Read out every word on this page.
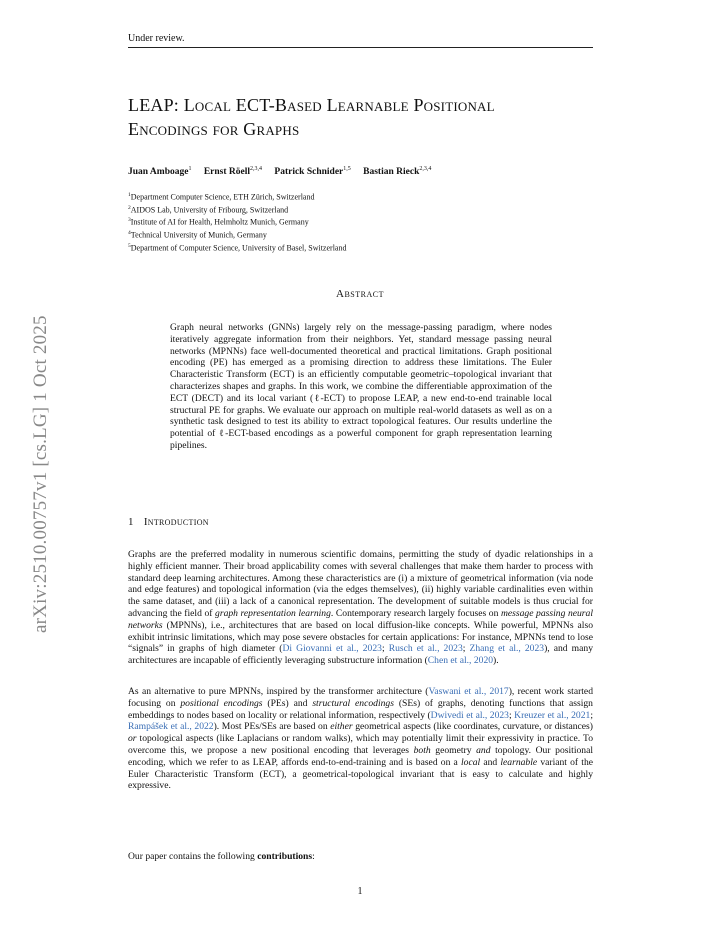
Under review.
arXiv:2510.00757v1 [cs.LG] 1 Oct 2025
LEAP: Local ECT-Based Learnable Positional
Encodings for Graphs
Juan Amboage$^1$ Ernst Röell$^{2,3,4}$ Patrick Schnider$^{1,5}$ Bastian Rieck$^{2,3,4}$
$^1$Department Computer Science, ETH Zürich, Switzerland
$^2$AIDOS Lab, University of Fribourg, Switzerland
$^3$Institute of AI for Health, Helmholtz Munich, Germany
$^4$Technical University of Munich, Germany
$^5$Department of Computer Science, University of Basel, Switzerland
Abstract

Graph neural networks (GNNs) largely rely on the message-passing paradigm, where nodes iteratively aggregate information from their neighbors. Yet, standard message passing neural networks (MPNNs) face well-documented theoretical and practical limitations. Graph positional encoding (PE) has emerged as a promising direction to address these limitations. The Euler Characteristic Transform (ECT) is an efficiently computable geometric–topological invariant that characterizes shapes and graphs. In this work, we combine the differentiable approximation of the ECT (DECT) and its local variant (ℓ-ECT) to propose LEAP, a new end-to-end trainable local structural PE for graphs. We evaluate our approach on multiple real-world datasets as well as on a synthetic task designed to test its ability to extract topological features. Our results underline the potential of ℓ-ECT-based encodings as a powerful component for graph representation learning pipelines.

1 Introduction

Graphs are the preferred modality in numerous scientific domains, permitting the study of dyadic relationships in a highly efficient manner. Their broad applicability comes with several challenges that make them harder to process with standard deep learning architectures. Among these characteristics are (i) a mixture of geometrical information (via node and edge features) and topological information (via the edges themselves), (ii) highly variable cardinalities even within the same dataset, and (iii) a lack of a canonical representation. The development of suitable models is thus crucial for advancing the field of graph representation learning. Contemporary research largely focuses on message passing neural networks (MPNNs), i.e., architectures that are based on local diffusion-like concepts. While powerful, MPNNs also exhibit intrinsic limitations, which may pose severe obstacles for certain applications: For instance, MPNNs tend to lose “signals” in graphs of high diameter (Di Giovanni et al., 2023; Rusch et al., 2023; Zhang et al., 2023), and many architectures are incapable of efficiently leveraging substructure information (Chen et al., 2020).

As an alternative to pure MPNNs, inspired by the transformer architecture (Vaswani et al., 2017), recent work started focusing on positional encodings (PEs) and structural encodings (SEs) of graphs, denoting functions that assign embeddings to nodes based on locality or relational information, respectively (Dwivedi et al., 2023; Kreuzer et al., 2021; Rampášek et al., 2022). Most PEs/SEs are based on either geometrical aspects (like coordinates, curvature, or distances) or topological aspects (like Laplacians or random walks), which may potentially limit their expressivity in practice. To overcome this, we propose a new positional encoding that leverages both geometry and topology. Our positional encoding, which we refer to as LEAP, affords end-to-end-training and is based on a local and learnable variant of the Euler Characteristic Transform (ECT), a geometrical-topological invariant that is easy to calculate and highly expressive.

Our paper contains the following contributions:

1
